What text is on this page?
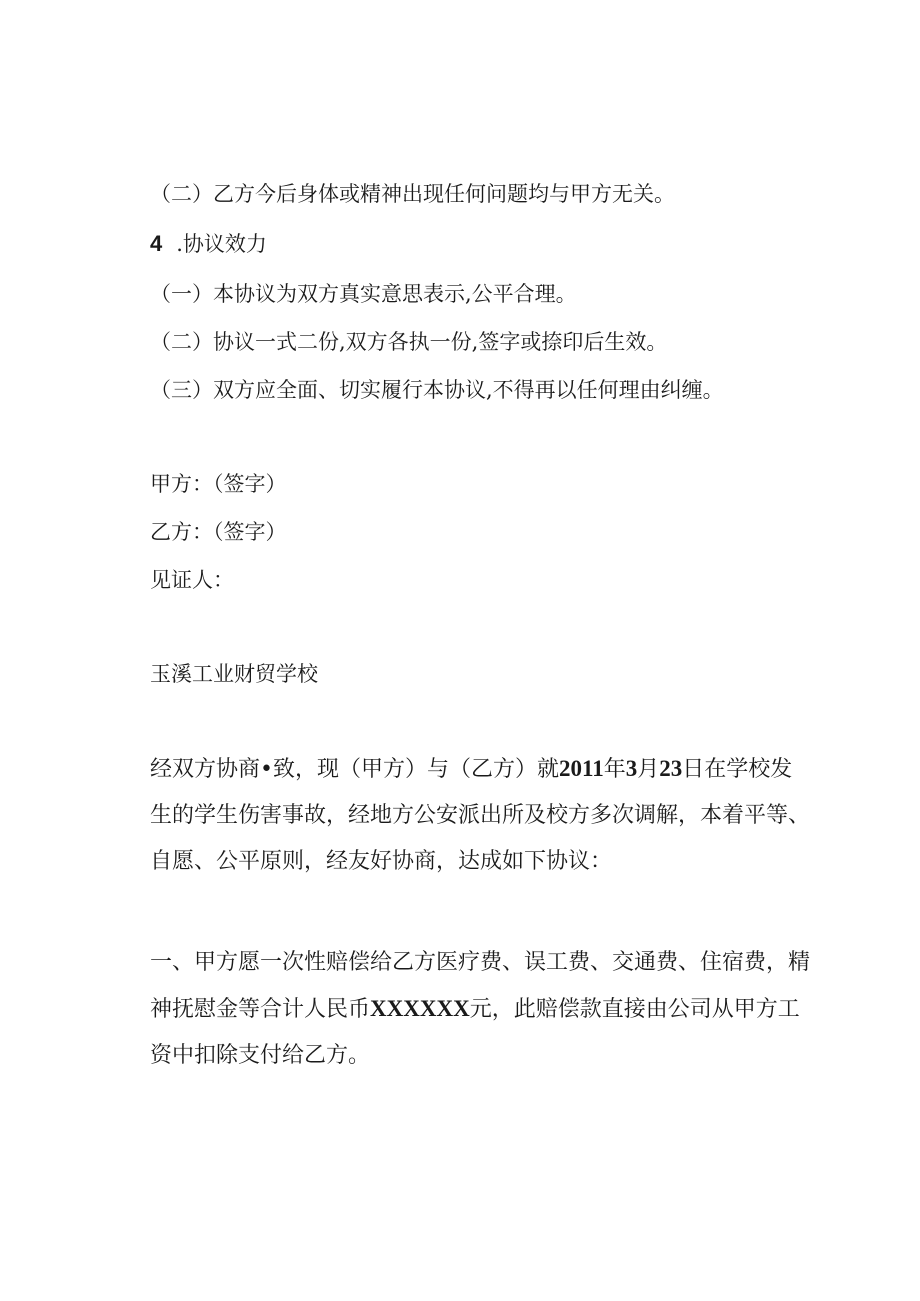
（二）乙方今后身体或精神出现任何问题均与甲方无关。
4 .协议效力
（一）本协议为双方真实意思表示,公平合理。
（二）协议一式二份,双方各执一份,签字或捺印后生效。
（三）双方应全面、切实履行本协议,不得再以任何理由纠缠。
甲方：（签字）
乙方：（签字）
见证人：
玉溪工业财贸学校
经双方协商•致，现（甲方）与（乙方）就2011年3月23日在学校发生的学生伤害事故，经地方公安派出所及校方多次调解，本着平等、自愿、公平原则，经友好协商，达成如下协议：
一、甲方愿一次性赔偿给乙方医疗费、误工费、交通费、住宿费，精神抚慰金等合计人民币XXXXXX元，此赔偿款直接由公司从甲方工资中扣除支付给乙方。
